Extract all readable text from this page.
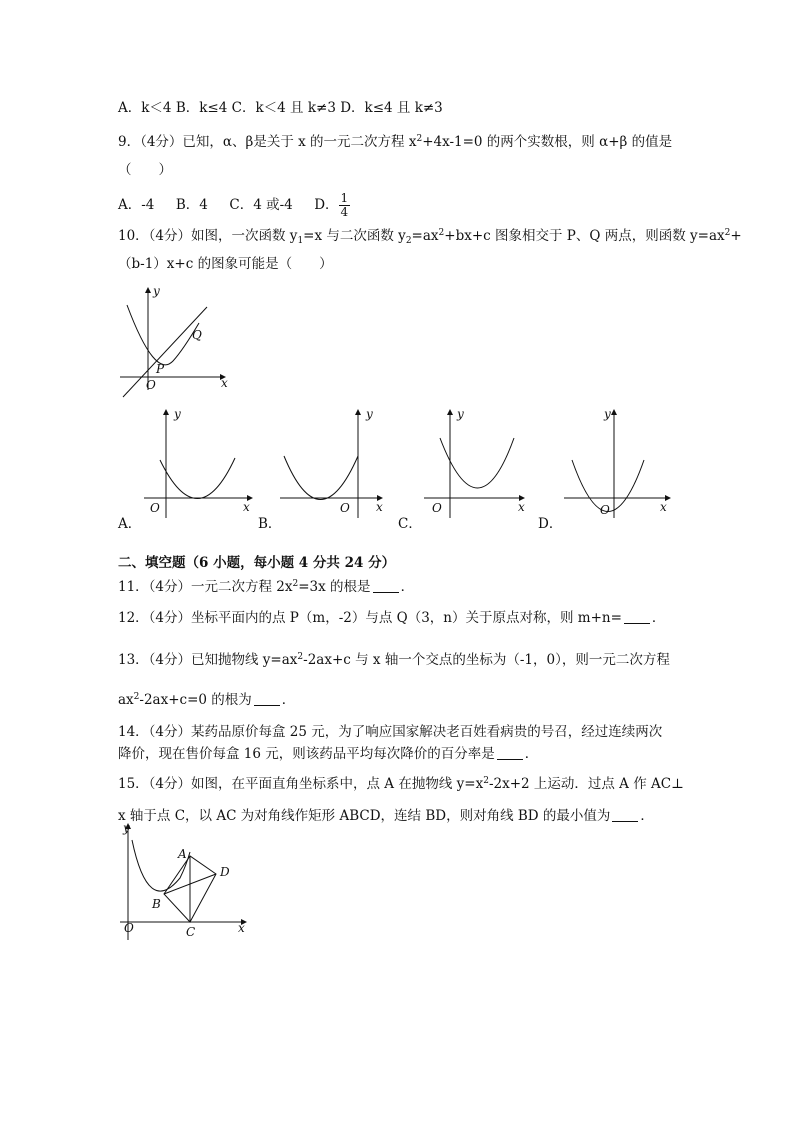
A．k＜4 B．k≤4 C．k＜4 且 k≠3 D．k≤4 且 k≠3
9．（4分）已知，α、β是关于 x 的一元二次方程 $x^2+4x-1=0$ 的两个实数根，则 α+β 的值是
（　　）
A．-4 B．4 C．4 或-4 D． $\frac{1}{4}$
10．（4分）如图，一次函数 $y_1=x$ 与二次函数 $y_2=ax^2+bx+c$ 图象相交于 P、Q 两点，则函数 $y=ax^2+$
（b-1）x+c 的图象可能是（　　）
y
x
O
P
Q
A．
y
x
O
B．
y
x
O
C．
y
x
O
D．
y
x
O
二、填空题（6 小题，每小题 4 分共 24 分）
11．（4分）一元二次方程 $2x^2=3x$ 的根是 ．
12．（4分）坐标平面内的点 P（m，-2）与点 Q（3，n）关于原点对称，则 m+n= ．
13．（4分）已知抛物线 $y=ax^2-2ax+c$ 与 x 轴一个交点的坐标为（-1，0），则一元二次方程
$ax^2-2ax+c=0$ 的根为 ．
14．（4分）某药品原价每盒 25 元，为了响应国家解决老百姓看病贵的号召，经过连续两次
降价，现在售价每盒 16 元，则该药品平均每次降价的百分率是 ．
15．（4分）如图，在平面直角坐标系中，点 A 在抛物线 $y=x^2-2x+2$ 上运动．过点 A 作 AC⊥
x 轴于点 C，以 AC 为对角线作矩形 ABCD，连结 BD，则对角线 BD 的最小值为 ．
y
x
O
A
B
C
D
